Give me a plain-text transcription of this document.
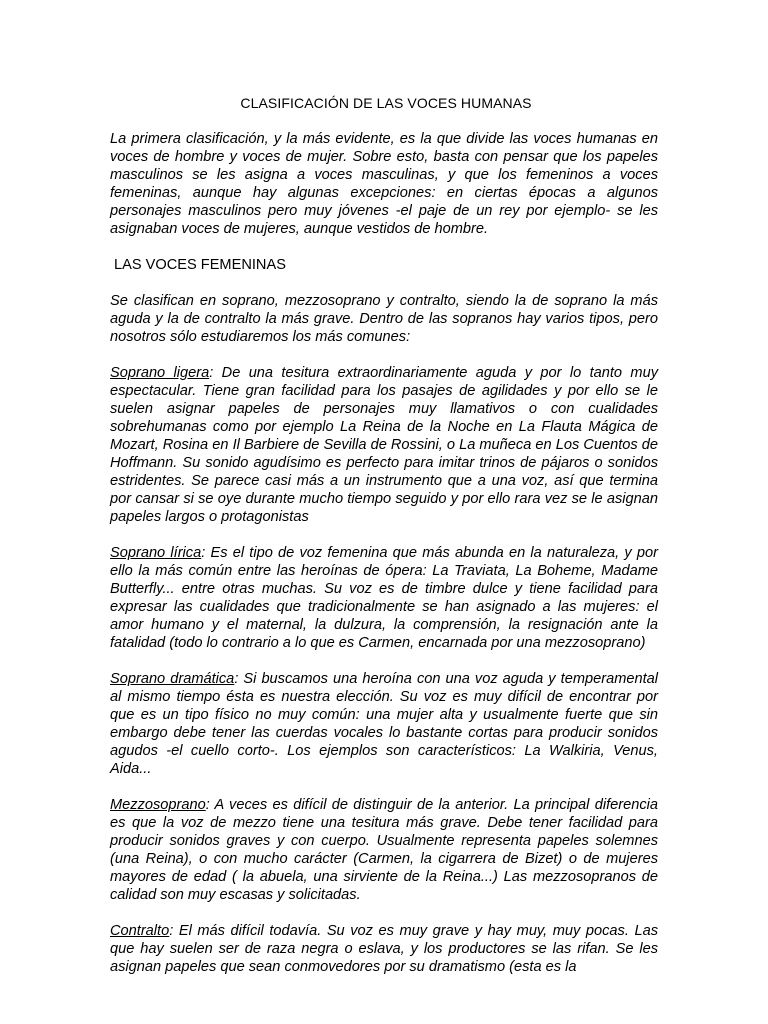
CLASIFICACIÓN DE LAS VOCES HUMANAS

La primera clasificación, y la más evidente, es la que divide las voces humanas en voces de hombre y voces de mujer. Sobre esto, basta con pensar que los papeles masculinos se les asigna a voces masculinas, y que los femeninos a voces femeninas, aunque hay algunas excepciones: en ciertas épocas a algunos personajes masculinos pero muy jóvenes -el paje de un rey por ejemplo- se les asignaban voces de mujeres, aunque vestidos de hombre.

LAS VOCES FEMENINAS

Se clasifican en soprano, mezzosoprano y contralto, siendo la de soprano la más aguda y la de contralto la más grave. Dentro de las sopranos hay varios tipos, pero nosotros sólo estudiaremos los más comunes:

Soprano ligera: De una tesitura extraordinariamente aguda y por lo tanto muy espectacular. Tiene gran facilidad para los pasajes de agilidades y por ello se le suelen asignar papeles de personajes muy llamativos o con cualidades sobrehumanas como por ejemplo La Reina de la Noche en La Flauta Mágica de Mozart, Rosina en Il Barbiere de Sevilla de Rossini, o La muñeca en Los Cuentos de Hoffmann. Su sonido agudísimo es perfecto para imitar trinos de pájaros o sonidos estridentes. Se parece casi más a un instrumento que a una voz, así que termina por cansar si se oye durante mucho tiempo seguido y por ello rara vez se le asignan papeles largos o protagonistas

Soprano lírica: Es el tipo de voz femenina que más abunda en la naturaleza, y por ello la más común entre las heroínas de ópera: La Traviata, La Boheme, Madame Butterfly... entre otras muchas. Su voz es de timbre dulce y tiene facilidad para expresar las cualidades que tradicionalmente se han asignado a las mujeres: el amor humano y el maternal, la dulzura, la comprensión, la resignación ante la fatalidad (todo lo contrario a lo que es Carmen, encarnada por una mezzosoprano)

Soprano dramática: Si buscamos una heroína con una voz aguda y temperamental al mismo tiempo ésta es nuestra elección. Su voz es muy difícil de encontrar por que es un tipo físico no muy común: una mujer alta y usualmente fuerte que sin embargo debe tener las cuerdas vocales lo bastante cortas para producir sonidos agudos -el cuello corto-. Los ejemplos son característicos: La Walkiria, Venus, Aida...

Mezzosoprano: A veces es difícil de distinguir de la anterior. La principal diferencia es que la voz de mezzo tiene una tesitura más grave. Debe tener facilidad para producir sonidos graves y con cuerpo. Usualmente representa papeles solemnes (una Reina), o con mucho carácter (Carmen, la cigarrera de Bizet) o de mujeres mayores de edad ( la abuela, una sirviente de la Reina...) Las mezzosopranos de calidad son muy escasas y solicitadas.

Contralto: El más difícil todavía. Su voz es muy grave y hay muy, muy pocas. Las que hay suelen ser de raza negra o eslava, y los productores se las rifan. Se les asignan papeles que sean conmovedores por su dramatismo (esta es la
